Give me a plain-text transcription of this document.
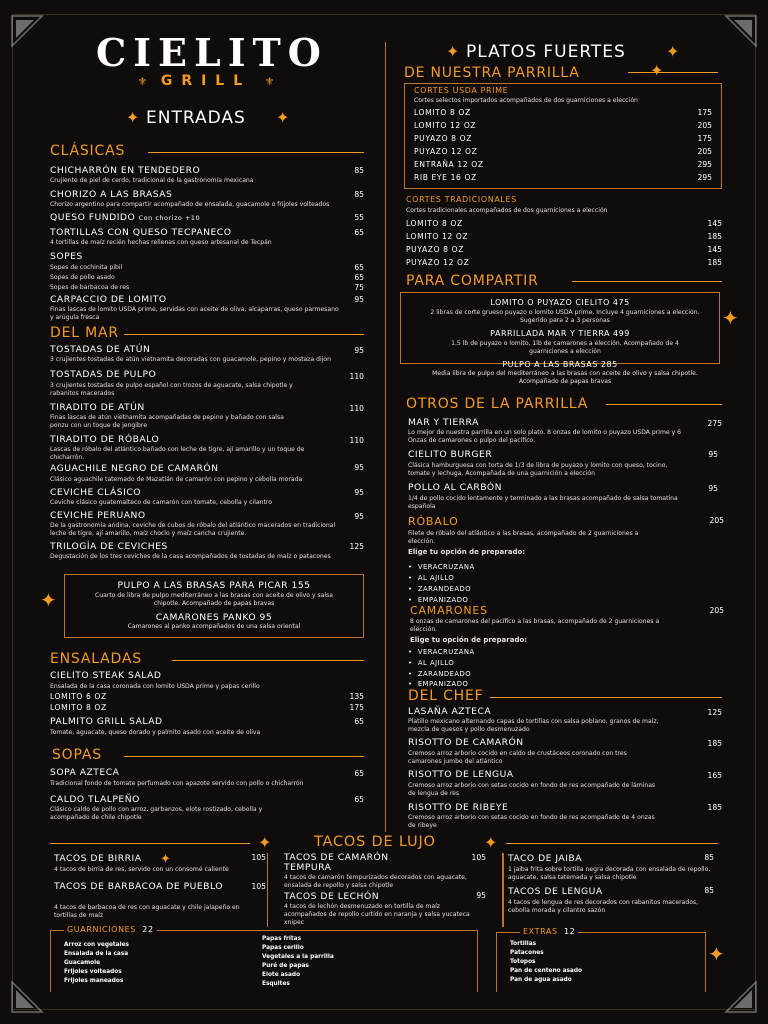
CIELITO
⚜ GRILL ⚜
ENTRADAS
✦	✦
CLÁSICAS
CHICHARRÓN EN TENDEDERO	85
Crujiente de piel de cerdo, tradicional de la gastronomía mexicana
CHORIZO A LAS BRASAS	85
Chorizo argentino para compartir acompañado de ensalada, guacamole o frijoles volteados
QUESO FUNDIDO Con chorizo +10	55
TORTILLAS CON QUESO TECPANECO	65
4 tortillas de maíz recién hechas rellenas con queso artesanal de Tecpán
SOPES
Sopes de cochinita pibil	65
Sopes de pollo asado	65
Sopes de barbacoa de res	75
CARPACCIO DE LOMITO	95
Finas lascas de lomito USDA prime, servidas con aceite de oliva, alcaparras, queso parmesano y arúgula fresca
DEL MAR
TOSTADAS DE ATÚN	95
3 crujientes tostadas de atún vietnamita decoradas con guacamole, pepino y mostaza dijon
TOSTADAS DE PULPO	110
3 crujientes tostadas de pulpo español con trozos de aguacate, salsa chipotle y rabanitos macerados
TIRADITO DE ATÚN	110
Finas lascas de atún vietnamita acompañadas de pepino y bañado con salsa ponzu con un toque de jengibre
TIRADITO DE RÓBALO	110
Lascas de róbalo del atlántico bañado con leche de tigre, ají amarillo y un toque de chicharrón.
AGUACHILE NEGRO DE CAMARÓN	95
Clásico aguachile tatemado de Mazatlán de camarón con pepino y cebolla morada
CEVICHE CLÁSICO	95
Ceviche clásico guatemalteco de camarón con tomate, cebolla y cilantro
CEVICHE PERUANO	95
De la gastronomía andina, ceviche de cubos de róbalo del atlántico macerados en tradicional leche de tigre, ají amarillo, maíz choclo y maíz cancha crujiente.
TRILOGÍA DE CEVICHES	125
Degustación de los tres ceviches de la casa acompañados de tostadas de maíz o patacones
✦
PULPO A LAS BRASAS PARA PICAR 155
Cuarto de libra de pulpo mediterráneo a las brasas con aceite de olivo y salsa chipotle. Acompañado de papas bravas
CAMARONES PANKO 95
Camarones al panko acompañados de una salsa oriental
ENSALADAS
CIELITO STEAK SALAD
Ensalada de la casa coronada con lomito USDA prime y papas cerillo
LOMITO 6 OZ	135
LOMITO 8 OZ	175
PALMITO GRILL SALAD	65
Tomate, aguacate, queso dorado y palmito asado con aceite de oliva
SOPAS
SOPA AZTECA	65
Tradicional fondo de tomate perfumado con apazote servido con pollo o chicharrón
CALDO TLALPEÑO	65
Clásico caldo de pollo con arroz, garbanzos, elote rostizado, cebolla y acompañado de chile chipotle
PLATOS FUERTES
✦	✦
DE NUESTRA PARRILLA	✦
CORTES USDA PRIME
Cortes selectos importados acompañados de dos guarniciones a elección
LOMITO 8 OZ	175
LOMITO 12 OZ	205
PUYAZO 8 OZ	175
PUYAZO 12 OZ	205
ENTRAÑA 12 OZ	295
RIB EYE 16 OZ	295
CORTES TRADICIONALES
Cortes tradicionales acompañados de dos guarniciones a elección
LOMITO 8 OZ	145
LOMITO 12 OZ	185
PUYAZO 8 OZ	145
PUYAZO 12 OZ	185
PARA COMPARTIR
✦
LOMITO O PUYAZO CIELITO 475
2 libras de corte grueso puyazo o lomito USDA prime. Incluye 4 guarniciones a elección. Sugerido para 2 a 3 personas
PARRILLADA MAR Y TIERRA 499
1.5 lb de puyazo o lomito, 1lb de camarones a elección. Acompañado de 4 guarniciones a elección
PULPO A LAS BRASAS 285
Media libra de pulpo del mediterráneo a las brasas con aceite de olivo y salsa chipotle. Acompañado de papas bravas
OTROS DE LA PARRILLA
MAR Y TIERRA	275
Lo mejor de nuestra parrilla en un solo plato. 8 onzas de lomito o puyazo USDA prime y 6 Onzas de camarones o pulpo del pacífico.
CIELITO BURGER	95
Clásica hamburguesa con torta de 1/3 de libra de puyazo y lomito con queso, tocino, tomate y lechuga. Acompañada de una guarnición a elección
POLLO AL CARBÓN	95
1/4 de pollo cocido lentamente y terminado a las brasas acompañado de salsa tomatina española
RÓBALO	205
Filete de róbalo del atlántico a las brasas, acompañado de 2 guarniciones a elección.
Elige tu opción de preparado:
•  VERACRUZANA
•  AL AJILLO
•  ZARANDEADO
•  EMPANIZADO
CAMARONES	205
8 onzas de camarones del pacífico a las brasas, acompañado de 2 guarniciones a elección.
Elige tu opción de preparado:
•  VERACRUZANA
•  AL AJILLO
•  ZARANDEADO
•  EMPANIZADO
DEL CHEF
LASAÑA AZTECA	125
Platillo mexicano alternando capas de tortillas con salsa poblano, granos de maíz, mezcla de quesos y pollo desmenuzado
RISOTTO DE CAMARÓN	185
Cremoso arroz arborio cocido en caldo de crustáceos coronado con tres camarones jumbo del atlántico
RISOTTO DE LENGUA	165
Cremoso arroz arborio con setas cocido en fondo de res acompañado de láminas de lengua de res
RISOTTO DE RIBEYE	185
Cremoso arroz arborio con setas cocido en fondo de res acompañado de 4 onzas de ribeye
✦	TACOS DE LUJO	✦
TACOS DE BIRRIA ✦	105
4 tacos de birria de res, servido con un consomé caliente
TACOS DE BARBACOA DE PUEBLO	105
4 tacos de barbacoa de res con aguacate y chile jalapeño en tortillas de maíz
TACOS DE CAMARÓN TEMPURA
105
4 tacos de camarón tempurizados decorados con aguacate, ensalada de repollo y salsa chipotle
TACOS DE LECHÓN	95
4 tacos de lechón desmenuzado en tortilla de maíz acompañados de repollo curtido en naranja y salsa yucateca xnipec
TACO DE JAIBA	85
1 jaiba frita sobre tortilla negra decorada con ensalada de repollo, aguacate, salsa tatemada y salsa chipotle
TACOS DE LENGUA	85
4 tacos de lengua de res decorados con rabanitos macerados, cebolla morada y cilantro sazón
GUARNICIONES 22
Arroz con vegetales
Ensalada de la casa
Guacamole
Frijoles volteados
Frijoles maneados
Papas fritas
Papas cerillo
Vegetales a la parrilla
Puré de papas
Elote asado
Esquites
EXTRAS 12
Tortillas
Patacones
Totopos
Pan de centeno asado
Pan de agua asado
✦
